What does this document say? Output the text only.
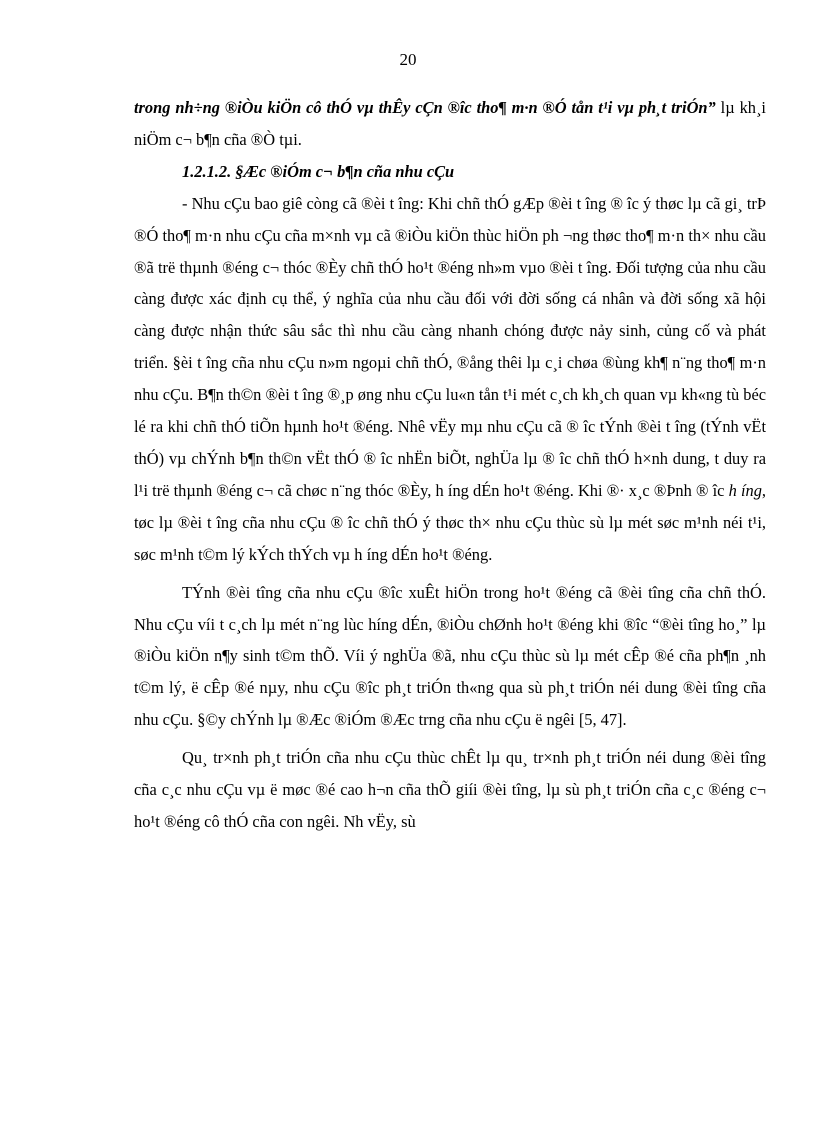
20

trong nh÷ng ®iÒu kiÖn cô thÓ vµ thÊy cÇn ®îc tho¶ m·n ®Ó tån t¹i vµ ph¸t triÓn” lµ kh¸i niÖm c¬ b¶n cña ®Ò tµi.

1.2.1.2. §Æc ®iÓm c¬ b¶n cña nhu cÇu

- Nhu cÇu bao giê còng cã ®èi t îng: Khi chñ thÓ gÆp ®èi t îng ® îc ý thøc lµ cã gi¸ trÞ ®Ó tho¶ m·n nhu cÇu cña m×nh vµ cã ®iÒu kiÖn thùc hiÖn ph ¬ng thøc tho¶ m·n th× nhu cầu ®ã trë thµnh ®éng c¬ thóc ®Èy chñ thÓ ho¹t ®éng nh»m vµo ®èi t îng. Đối tượng của nhu cầu càng được xác định cụ thể, ý nghĩa của nhu cầu đối với đời sống cá nhân và đời sống xã hội càng được nhận thức sâu sắc thì nhu cầu càng nhanh chóng được nảy sinh, củng cố và phát triển. §èi t îng cña nhu cÇu n»m ngoµi chñ thÓ, ®ång thêi lµ c¸i chøa ®ùng kh¶ n¨ng tho¶ m·n nhu cÇu. B¶n th©n ®èi t îng ®¸p øng nhu cÇu lu«n tån t¹i mét c¸ch kh¸ch quan vµ kh«ng tù béc lé ra khi chñ thÓ tiÕn hµnh ho¹t ®éng. Nhê vËy mµ nhu cÇu cã ® îc tÝnh ®èi t îng (tÝnh vËt thÓ) vµ chÝnh b¶n th©n vËt thÓ ® îc nhËn biÕt, nghÜa lµ ® îc chñ thÓ h×nh dung, t duy ra l¹i trë thµnh ®éng c¬ cã chøc n¨ng thóc ®Èy, h íng dÉn ho¹t ®éng. Khi ®· x¸c ®Þnh ® îc h íng, tøc lµ ®èi t îng cña nhu cÇu ® îc chñ thÓ ý thøc th× nhu cÇu thùc sù lµ mét søc m¹nh néi t¹i, søc m¹nh t©m lý kÝch thÝch vµ h íng dÉn ho¹t ®éng.

TÝnh ®èi tîng cña nhu cÇu ®îc xuÊt hiÖn trong ho¹t ®éng cã ®èi tîng cña chñ thÓ. Nhu cÇu víi t c¸ch lµ mét n¨ng lùc híng dÉn, ®iÒu chØnh ho¹t ®éng khi ®îc “®èi tîng ho¸” lµ ®iÒu kiÖn n¶y sinh t©m thÕ. Víi ý nghÜa ®ã, nhu cÇu thùc sù lµ mét cÊp ®é cña ph¶n ¸nh t©m lý, ë cÊp ®é nµy, nhu cÇu ®îc ph¸t triÓn th«ng qua sù ph¸t triÓn néi dung ®èi tîng cña nhu cÇu. §©y chÝnh lµ ®Æc ®iÓm ®Æc trng cña nhu cÇu ë ngêi [5, 47].

Qu¸ tr×nh ph¸t triÓn cña nhu cÇu thùc chÊt lµ qu¸ tr×nh ph¸t triÓn néi dung ®èi tîng cña c¸c nhu cÇu vµ ë møc ®é cao h¬n cña thÕ giíi ®èi tîng, lµ sù ph¸t triÓn cña c¸c ®éng c¬ ho¹t ®éng cô thÓ cña con ngêi. Nh vËy, sù
